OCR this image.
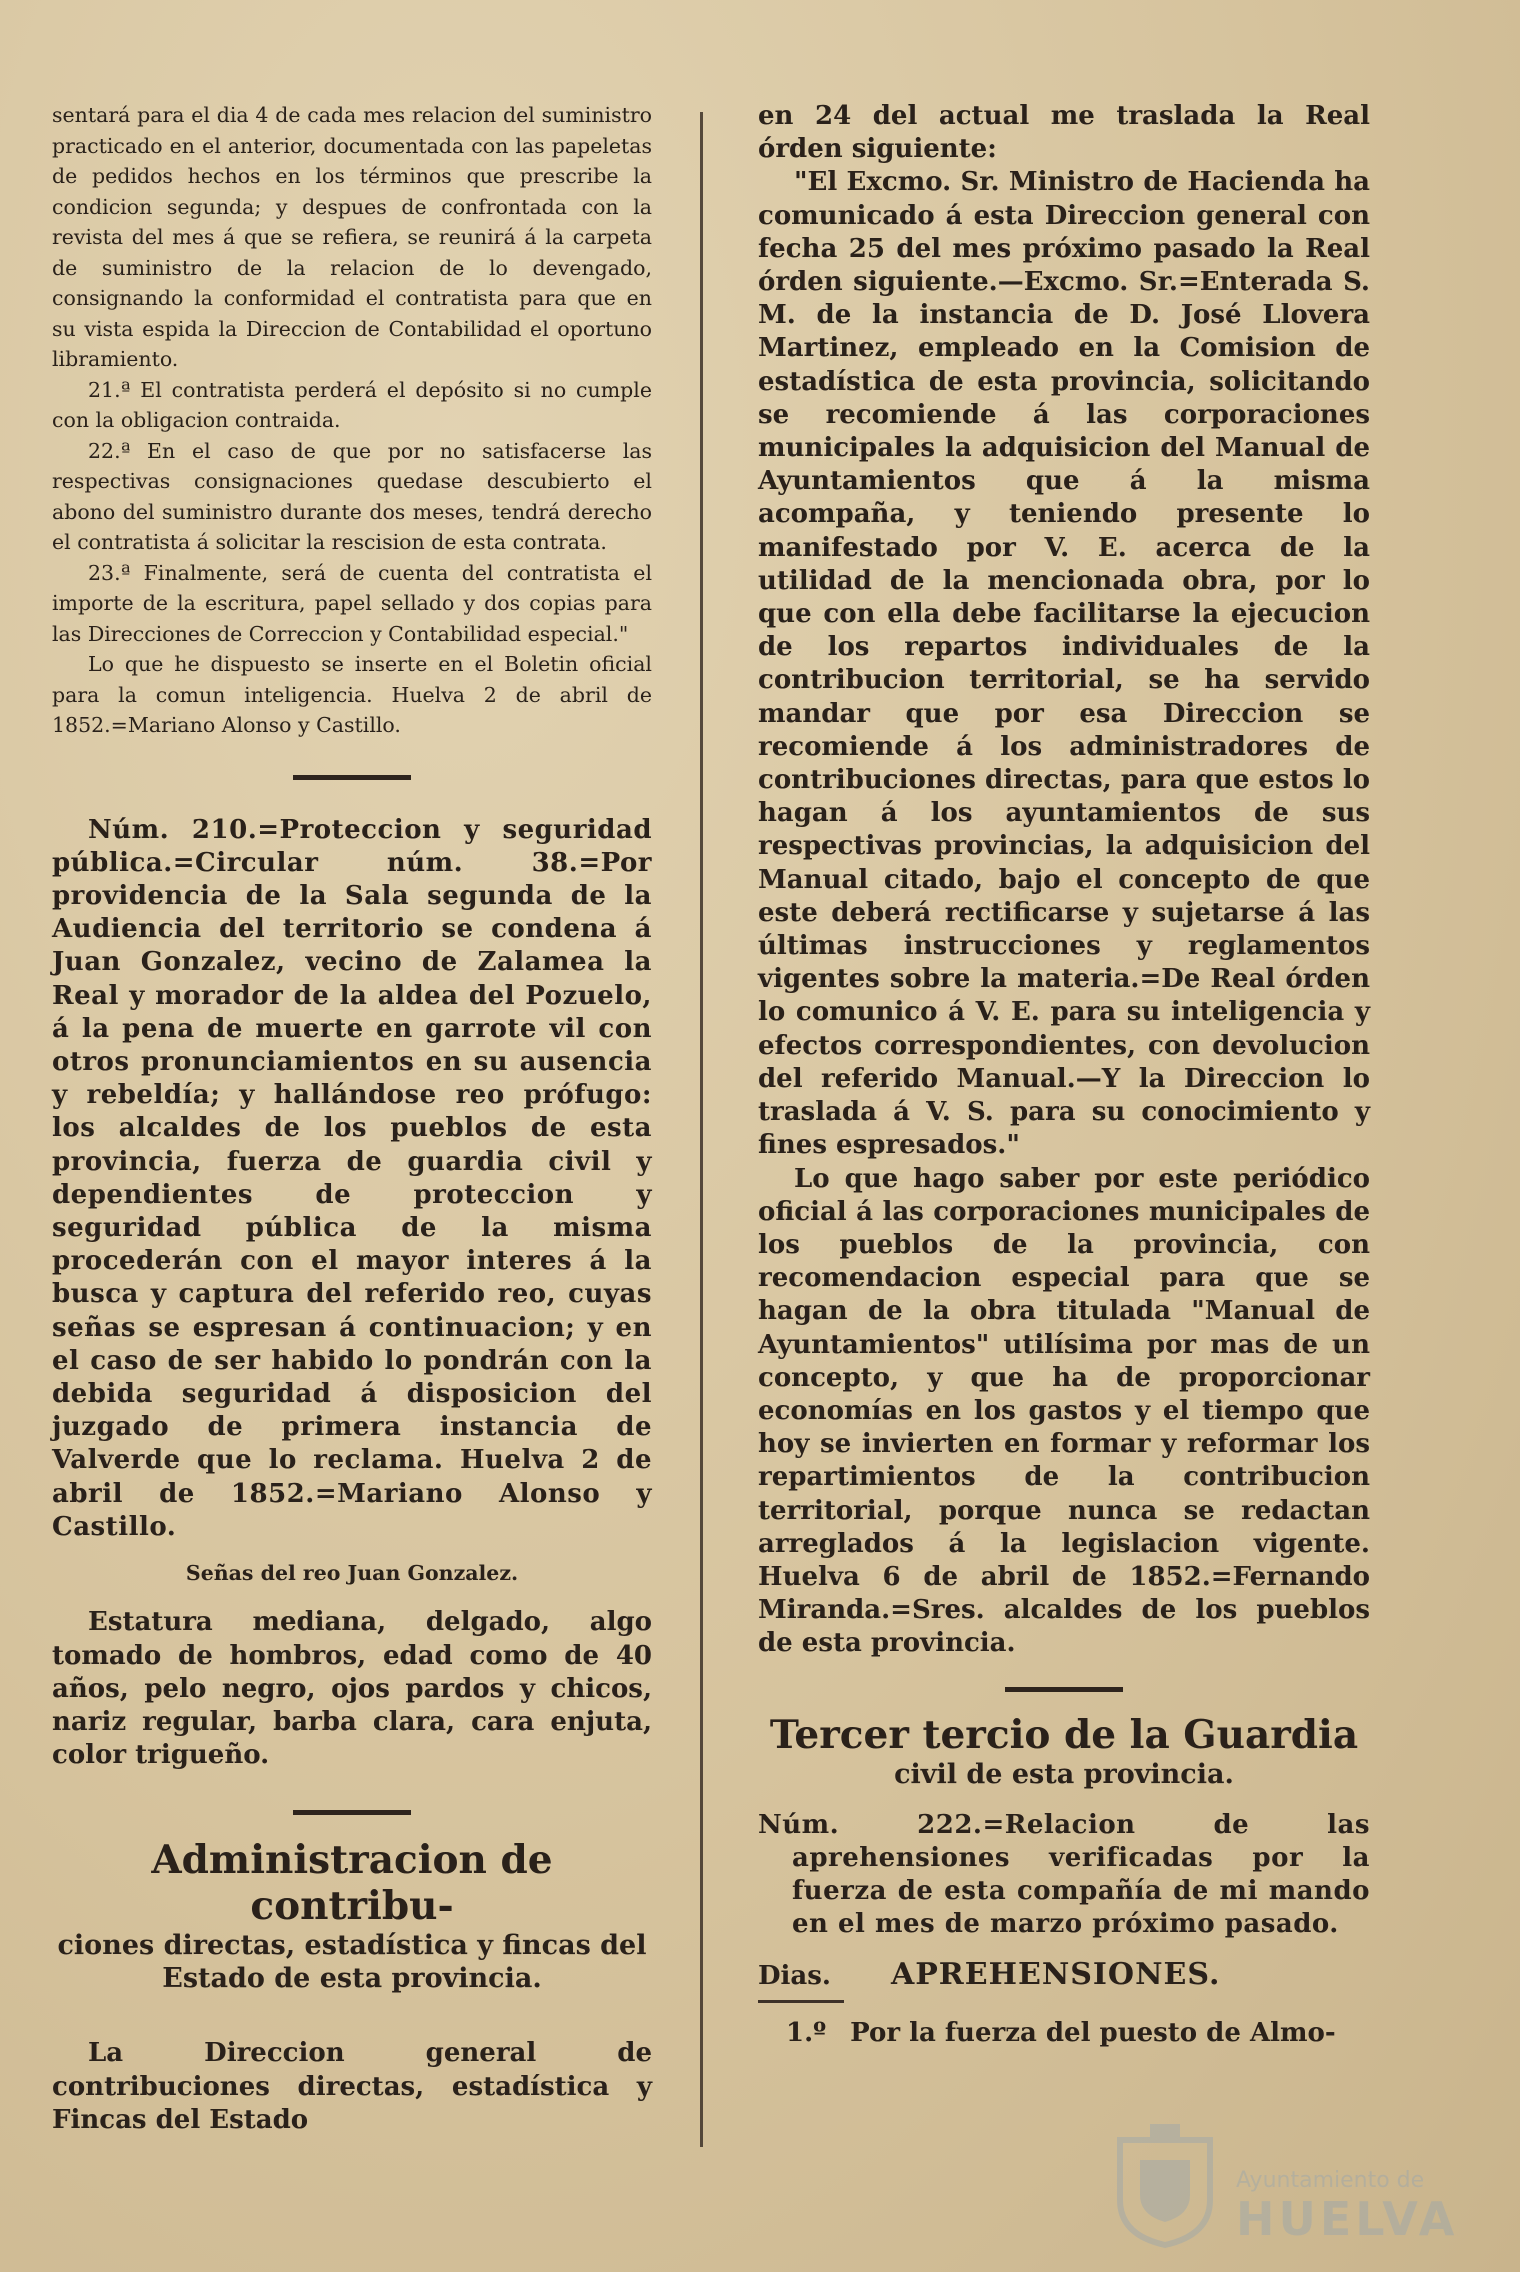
sentará para el dia 4 de cada mes relacion del suministro practicado en el anterior, documentada con las papeletas de pedidos hechos en los términos que prescribe la condicion segunda; y despues de confrontada con la revista del mes á que se refiera, se reunirá á la carpeta de suministro de la relacion de lo devengado, consignando la conformidad el contratista para que en su vista espida la Direccion de Contabilidad el oportuno libramiento.

21.ª El contratista perderá el depósito si no cumple con la obligacion contraida.

22.ª En el caso de que por no satisfacerse las respectivas consignaciones quedase descubierto el abono del suministro durante dos meses, tendrá derecho el contratista á solicitar la rescision de esta contrata.

23.ª Finalmente, será de cuenta del contratista el importe de la escritura, papel sellado y dos copias para las Direcciones de Correccion y Contabilidad especial."

Lo que he dispuesto se inserte en el Boletin oficial para la comun inteligencia. Huelva 2 de abril de 1852.=Mariano Alonso y Castillo.

Núm. 210.=Proteccion y seguridad pública.=Circular núm. 38.=Por providencia de la Sala segunda de la Audiencia del territorio se condena á Juan Gonzalez, vecino de Zalamea la Real y morador de la aldea del Pozuelo, á la pena de muerte en garrote vil con otros pronunciamientos en su ausencia y rebeldía; y hallándose reo prófugo: los alcaldes de los pueblos de esta provincia, fuerza de guardia civil y dependientes de proteccion y seguridad pública de la misma procederán con el mayor interes á la busca y captura del referido reo, cuyas señas se espresan á continuacion; y en el caso de ser habido lo pondrán con la debida seguridad á disposicion del juzgado de primera instancia de Valverde que lo reclama. Huelva 2 de abril de 1852.=Mariano Alonso y Castillo.

Señas del reo Juan Gonzalez.

Estatura mediana, delgado, algo tomado de hombros, edad como de 40 años, pelo negro, ojos pardos y chicos, nariz regular, barba clara, cara enjuta, color trigueño.

Administracion de contribu-

ciones directas, estadística y fincas del Estado de esta provincia.

La Direccion general de contribuciones directas, estadística y Fincas del Estado

en 24 del actual me traslada la Real órden siguiente:

"El Excmo. Sr. Ministro de Hacienda ha comunicado á esta Direccion general con fecha 25 del mes próximo pasado la Real órden siguiente.—Excmo. Sr.=Enterada S. M. de la instancia de D. José Llovera Martinez, empleado en la Comision de estadística de esta provincia, solicitando se recomiende á las corporaciones municipales la adquisicion del Manual de Ayuntamientos que á la misma acompaña, y teniendo presente lo manifestado por V. E. acerca de la utilidad de la mencionada obra, por lo que con ella debe facilitarse la ejecucion de los repartos individuales de la contribucion territorial, se ha servido mandar que por esa Direccion se recomiende á los administradores de contribuciones directas, para que estos lo hagan á los ayuntamientos de sus respectivas provincias, la adquisicion del Manual citado, bajo el concepto de que este deberá rectificarse y sujetarse á las últimas instrucciones y reglamentos vigentes sobre la materia.=De Real órden lo comunico á V. E. para su inteligencia y efectos correspondientes, con devolucion del referido Manual.—Y la Direccion lo traslada á V. S. para su conocimiento y fines espresados."

Lo que hago saber por este periódico oficial á las corporaciones municipales de los pueblos de la provincia, con recomendacion especial para que se hagan de la obra titulada "Manual de Ayuntamientos" utilísima por mas de un concepto, y que ha de proporcionar economías en los gastos y el tiempo que hoy se invierten en formar y reformar los repartimientos de la contribucion territorial, porque nunca se redactan arreglados á la legislacion vigente. Huelva 6 de abril de 1852.=Fernando Miranda.=Sres. alcaldes de los pueblos de esta provincia.

Tercer tercio de la Guardia
civil de esta provincia.

Núm. 222.=Relacion de las aprehensiones verificadas por la fuerza de esta compañía de mi mando en el mes de marzo próximo pasado.

Dias. APREHENSIONES.
1.º Por la fuerza del puesto de Almo-
Ayuntamiento de
HUELVA
